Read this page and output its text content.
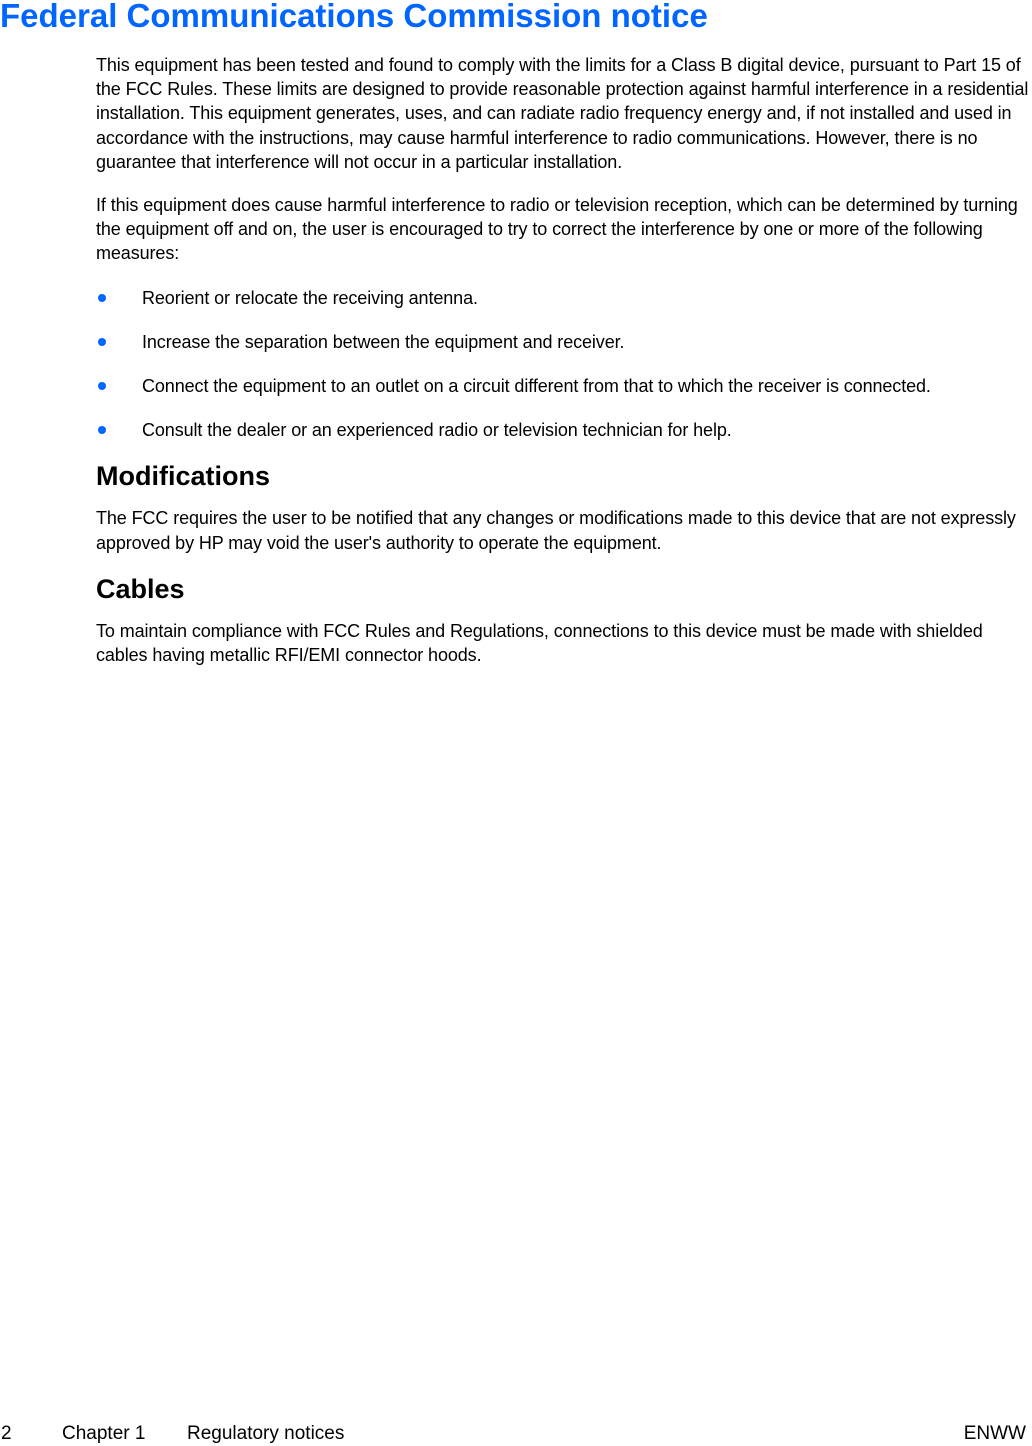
Federal Communications Commission notice

This equipment has been tested and found to comply with the limits for a Class B digital device, pursuant to Part 15 of the FCC Rules. These limits are designed to provide reasonable protection against harmful interference in a residential installation. This equipment generates, uses, and can radiate radio frequency energy and, if not installed and used in accordance with the instructions, may cause harmful interference to radio communications. However, there is no guarantee that interference will not occur in a particular installation.

If this equipment does cause harmful interference to radio or television reception, which can be determined by turning the equipment off and on, the user is encouraged to try to correct the interference by one or more of the following measures:

Reorient or relocate the receiving antenna.
Increase the separation between the equipment and receiver.
Connect the equipment to an outlet on a circuit different from that to which the receiver is connected.
Consult the dealer or an experienced radio or television technician for help.
Modifications

The FCC requires the user to be notified that any changes or modifications made to this device that are not expressly approved by HP may void the user's authority to operate the equipment.

Cables

To maintain compliance with FCC Rules and Regulations, connections to this device must be made with shielded cables having metallic RFI/EMI connector hoods.

2	Chapter 1 Regulatory notices	ENWW
